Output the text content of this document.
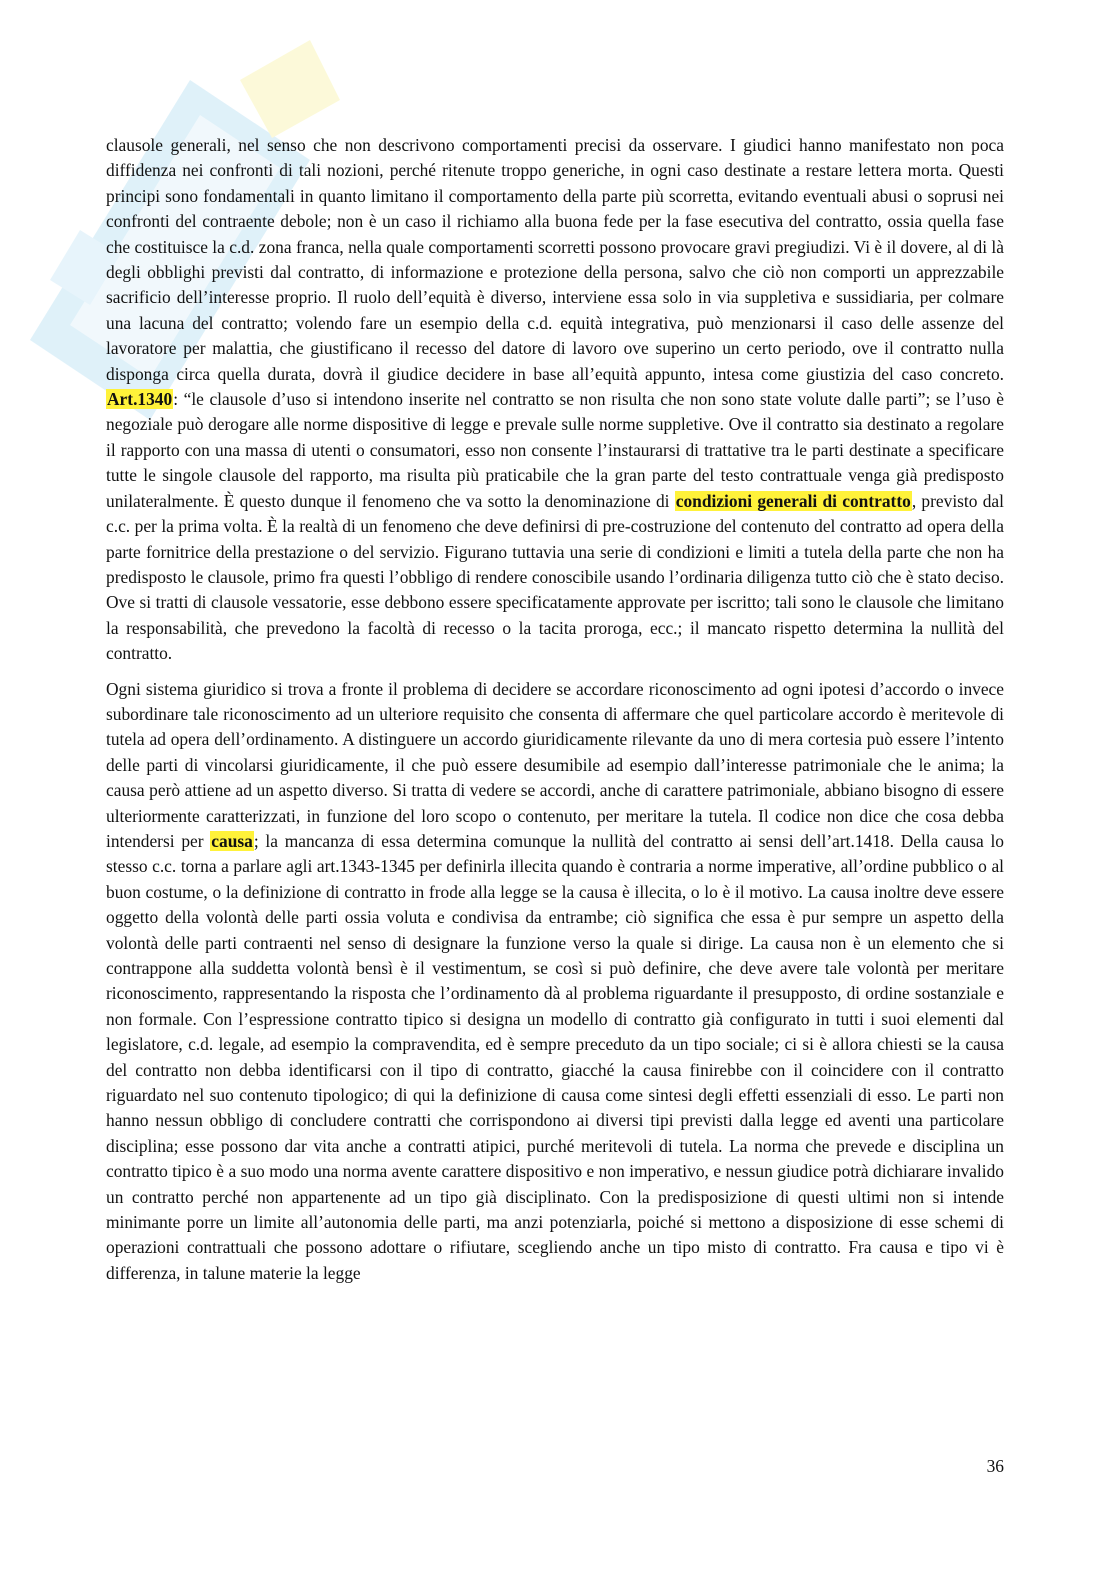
clausole generali, nel senso che non descrivono comportamenti precisi da osservare. I giudici hanno manifestato non poca diffidenza nei confronti di tali nozioni, perché ritenute troppo generiche, in ogni caso destinate a restare lettera morta. Questi principi sono fondamentali in quanto limitano il comportamento della parte più scorretta, evitando eventuali abusi o soprusi nei confronti del contraente debole; non è un caso il richiamo alla buona fede per la fase esecutiva del contratto, ossia quella fase che costituisce la c.d. zona franca, nella quale comportamenti scorretti possono provocare gravi pregiudizi. Vi è il dovere, al di là degli obblighi previsti dal contratto, di informazione e protezione della persona, salvo che ciò non comporti un apprezzabile sacrificio dell’interesse proprio. Il ruolo dell’equità è diverso, interviene essa solo in via suppletiva e sussidiaria, per colmare una lacuna del contratto; volendo fare un esempio della c.d. equità integrativa, può menzionarsi il caso delle assenze del lavoratore per malattia, che giustificano il recesso del datore di lavoro ove superino un certo periodo, ove il contratto nulla disponga circa quella durata, dovrà il giudice decidere in base all’equità appunto, intesa come giustizia del caso concreto. Art.1340: “le clausole d’uso si intendono inserite nel contratto se non risulta che non sono state volute dalle parti”; se l’uso è negoziale può derogare alle norme dispositive di legge e prevale sulle norme suppletive. Ove il contratto sia destinato a regolare il rapporto con una massa di utenti o consumatori, esso non consente l’instaurarsi di trattative tra le parti destinate a specificare tutte le singole clausole del rapporto, ma risulta più praticabile che la gran parte del testo contrattuale venga già predisposto unilateralmente. È questo dunque il fenomeno che va sotto la denominazione di condizioni generali di contratto, previsto dal c.c. per la prima volta. È la realtà di un fenomeno che deve definirsi di pre-costruzione del contenuto del contratto ad opera della parte fornitrice della prestazione o del servizio. Figurano tuttavia una serie di condizioni e limiti a tutela della parte che non ha predisposto le clausole, primo fra questi l’obbligo di rendere conoscibile usando l’ordinaria diligenza tutto ciò che è stato deciso. Ove si tratti di clausole vessatorie, esse debbono essere specificatamente approvate per iscritto; tali sono le clausole che limitano la responsabilità, che prevedono la facoltà di recesso o la tacita proroga, ecc.; il mancato rispetto determina la nullità del contratto.

Ogni sistema giuridico si trova a fronte il problema di decidere se accordare riconoscimento ad ogni ipotesi d’accordo o invece subordinare tale riconoscimento ad un ulteriore requisito che consenta di affermare che quel particolare accordo è meritevole di tutela ad opera dell’ordinamento. A distinguere un accordo giuridicamente rilevante da uno di mera cortesia può essere l’intento delle parti di vincolarsi giuridicamente, il che può essere desumibile ad esempio dall’interesse patrimoniale che le anima; la causa però attiene ad un aspetto diverso. Si tratta di vedere se accordi, anche di carattere patrimoniale, abbiano bisogno di essere ulteriormente caratterizzati, in funzione del loro scopo o contenuto, per meritare la tutela. Il codice non dice che cosa debba intendersi per causa; la mancanza di essa determina comunque la nullità del contratto ai sensi dell’art.1418. Della causa lo stesso c.c. torna a parlare agli art.1343-1345 per definirla illecita quando è contraria a norme imperative, all’ordine pubblico o al buon costume, o la definizione di contratto in frode alla legge se la causa è illecita, o lo è il motivo. La causa inoltre deve essere oggetto della volontà delle parti ossia voluta e condivisa da entrambe; ciò significa che essa è pur sempre un aspetto della volontà delle parti contraenti nel senso di designare la funzione verso la quale si dirige. La causa non è un elemento che si contrappone alla suddetta volontà bensì è il vestimentum, se così si può definire, che deve avere tale volontà per meritare riconoscimento, rappresentando la risposta che l’ordinamento dà al problema riguardante il presupposto, di ordine sostanziale e non formale. Con l’espressione contratto tipico si designa un modello di contratto già configurato in tutti i suoi elementi dal legislatore, c.d. legale, ad esempio la compravendita, ed è sempre preceduto da un tipo sociale; ci si è allora chiesti se la causa del contratto non debba identificarsi con il tipo di contratto, giacché la causa finirebbe con il coincidere con il contratto riguardato nel suo contenuto tipologico; di qui la definizione di causa come sintesi degli effetti essenziali di esso. Le parti non hanno nessun obbligo di concludere contratti che corrispondono ai diversi tipi previsti dalla legge ed aventi una particolare disciplina; esse possono dar vita anche a contratti atipici, purché meritevoli di tutela. La norma che prevede e disciplina un contratto tipico è a suo modo una norma avente carattere dispositivo e non imperativo, e nessun giudice potrà dichiarare invalido un contratto perché non appartenente ad un tipo già disciplinato. Con la predisposizione di questi ultimi non si intende minimante porre un limite all’autonomia delle parti, ma anzi potenziarla, poiché si mettono a disposizione di esse schemi di operazioni contrattuali che possono adottare o rifiutare, scegliendo anche un tipo misto di contratto. Fra causa e tipo vi è differenza, in talune materie la legge

36
